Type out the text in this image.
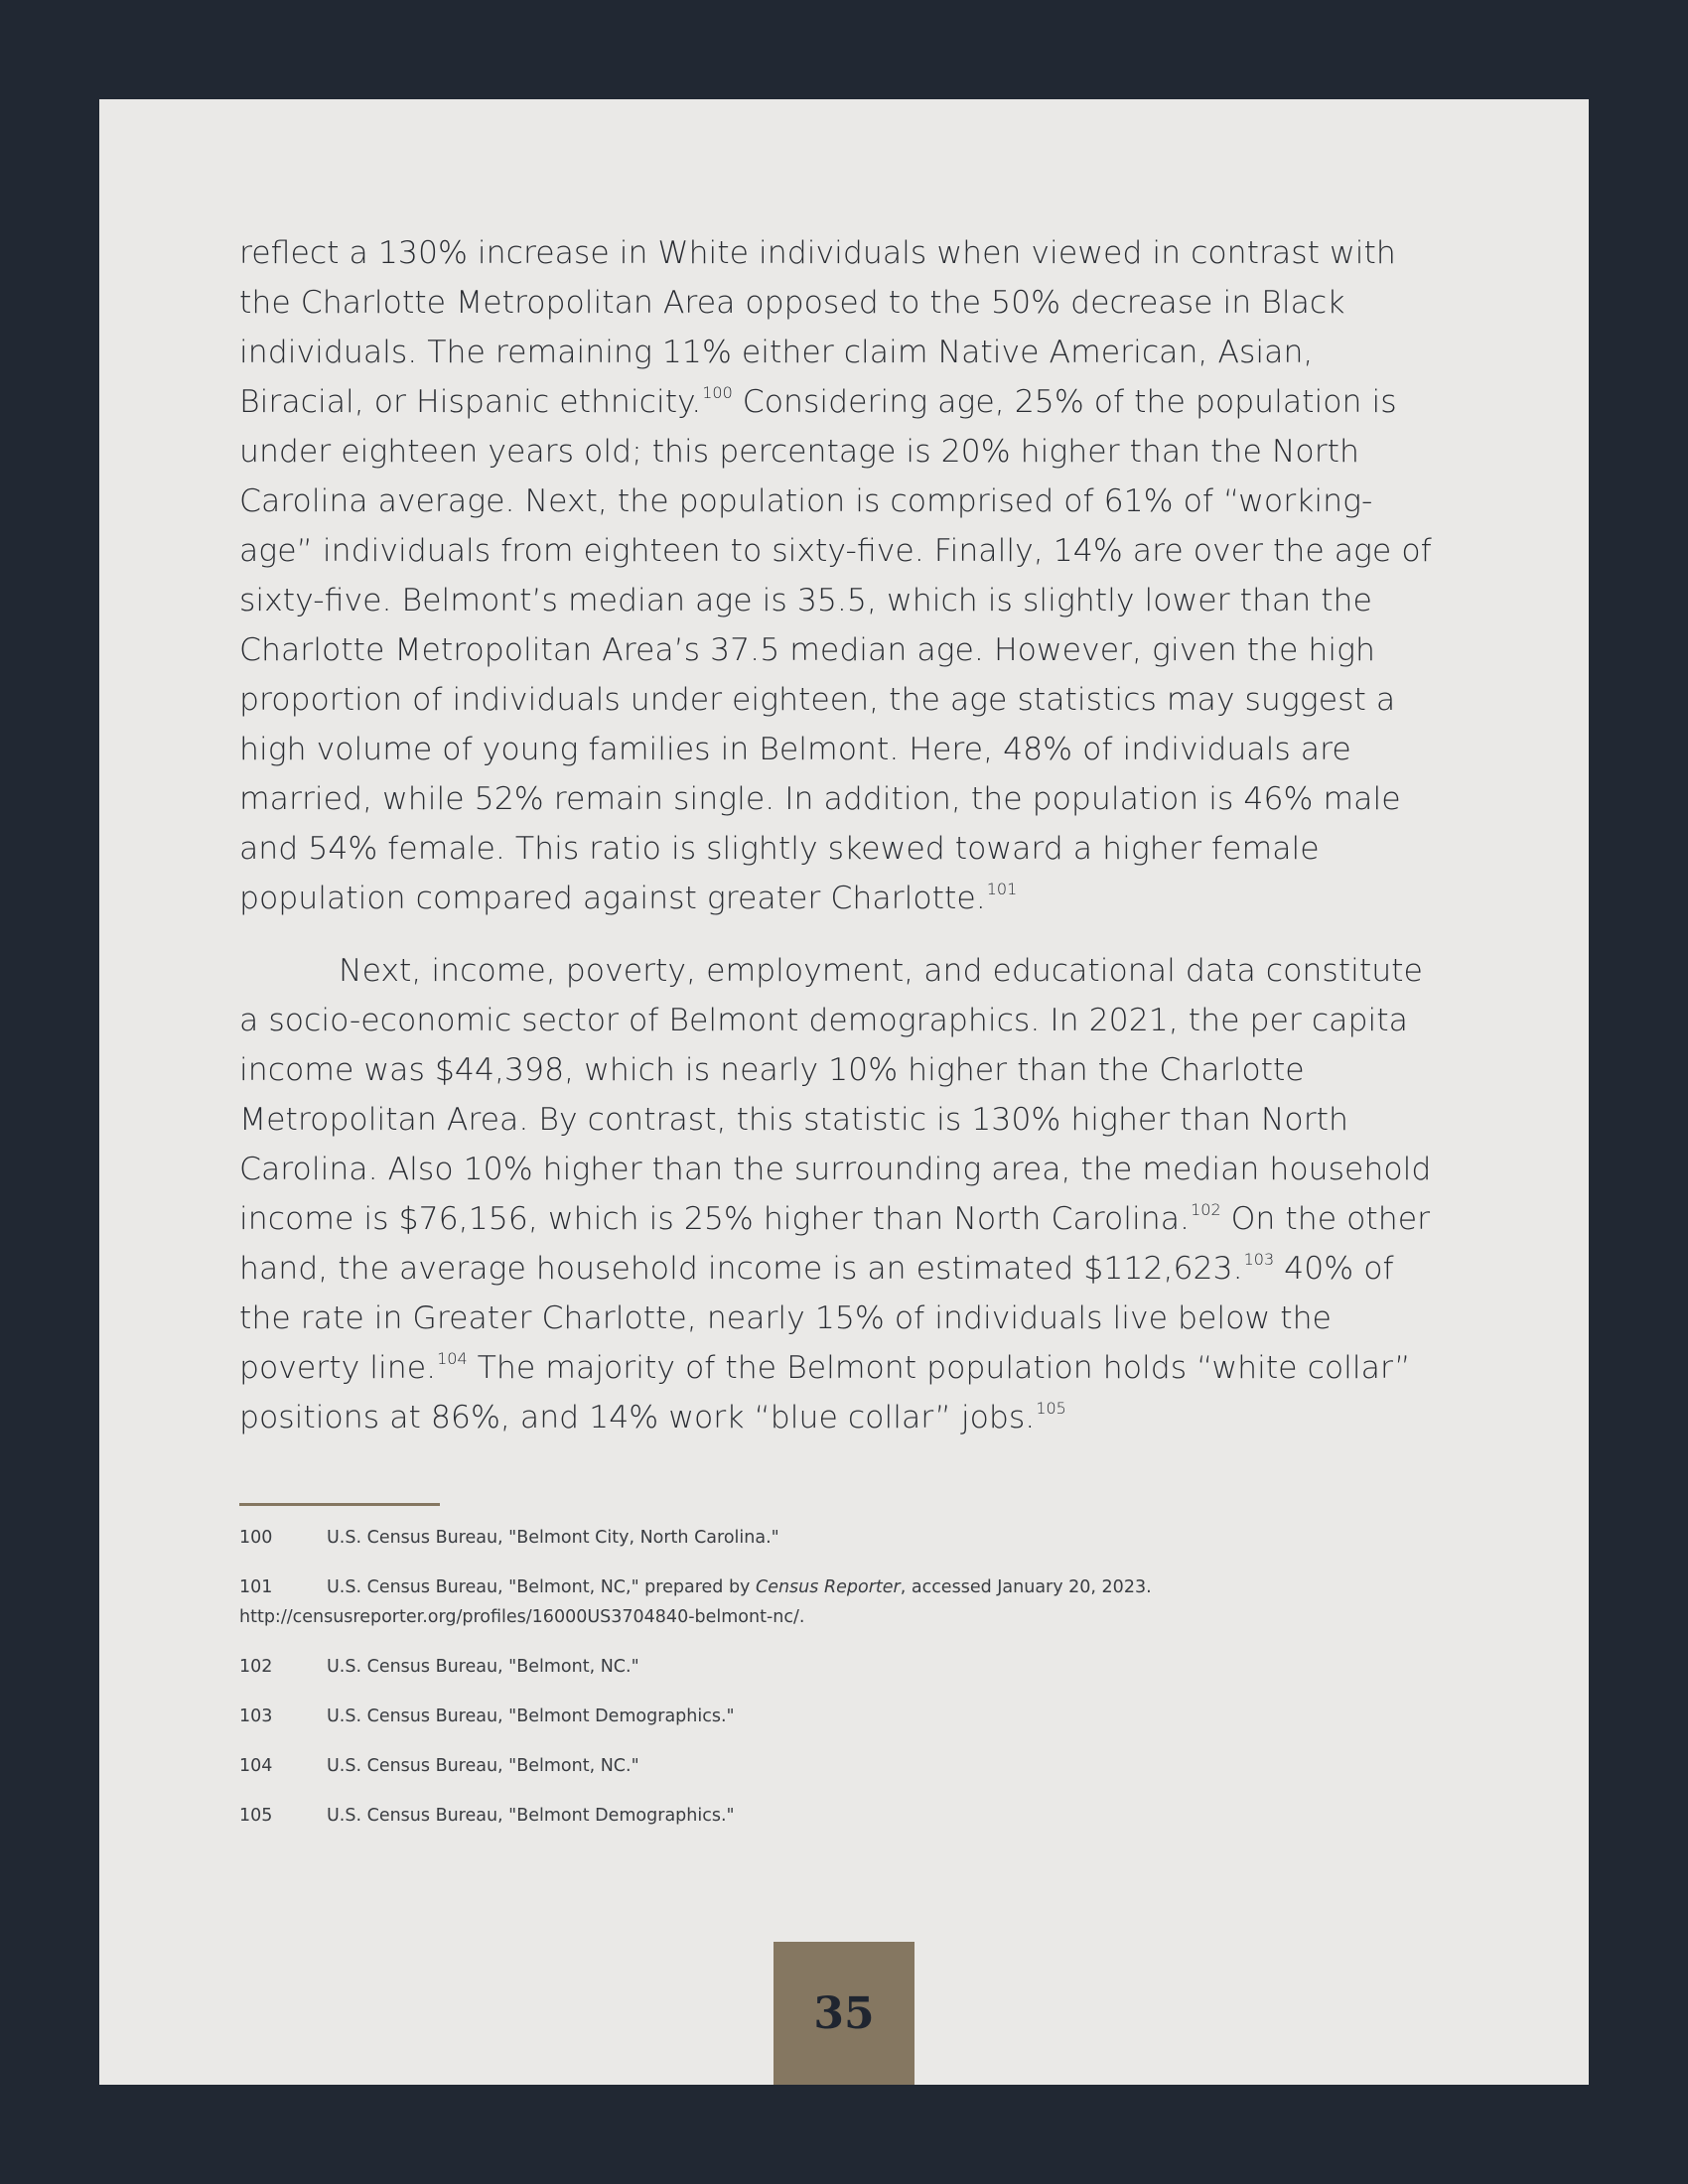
reflect a 130% increase in White individuals when viewed in contrast with the Charlotte Metropolitan Area opposed to the 50% decrease in Black individuals. The remaining 11% either claim Native American, Asian, Biracial, or Hispanic ethnicity.$^{100}$ Considering age, 25% of the population is under eighteen years old; this percentage is 20% higher than the North Carolina average. Next, the population is comprised of 61% of “working-age” individuals from eighteen to sixty-five. Finally, 14% are over the age of sixty-five. Belmont’s median age is 35.5, which is slightly lower than the Charlotte Metropolitan Area’s 37.5 median age. However, given the high proportion of individuals under eighteen, the age statistics may suggest a high volume of young families in Belmont. Here, 48% of individuals are married, while 52% remain single. In addition, the population is 46% male and 54% female. This ratio is slightly skewed toward a higher female population compared against greater Charlotte.$^{101}$

Next, income, poverty, employment, and educational data constitute a socio-economic sector of Belmont demographics. In 2021, the per capita income was $44,398, which is nearly 10% higher than the Charlotte Metropolitan Area. By contrast, this statistic is 130% higher than North Carolina. Also 10% higher than the surrounding area, the median household income is $76,156, which is 25% higher than North Carolina.$^{102}$ On the other hand, the average household income is an estimated $112,623.$^{103}$ 40% of the rate in Greater Charlotte, nearly 15% of individuals live below the poverty line.$^{104}$ The majority of the Belmont population holds “white collar” positions at 86%, and 14% work “blue collar” jobs.$^{105}$

100	U.S. Census Bureau, "Belmont City, North Carolina."

101	U.S. Census Bureau, "Belmont, NC," prepared by Census Reporter, accessed January 20, 2023. http://censusreporter.org/profiles/16000US3704840-belmont-nc/.

102	U.S. Census Bureau, "Belmont, NC."

103	U.S. Census Bureau, "Belmont Demographics."

104	U.S. Census Bureau, "Belmont, NC."

105	U.S. Census Bureau, "Belmont Demographics."

35
